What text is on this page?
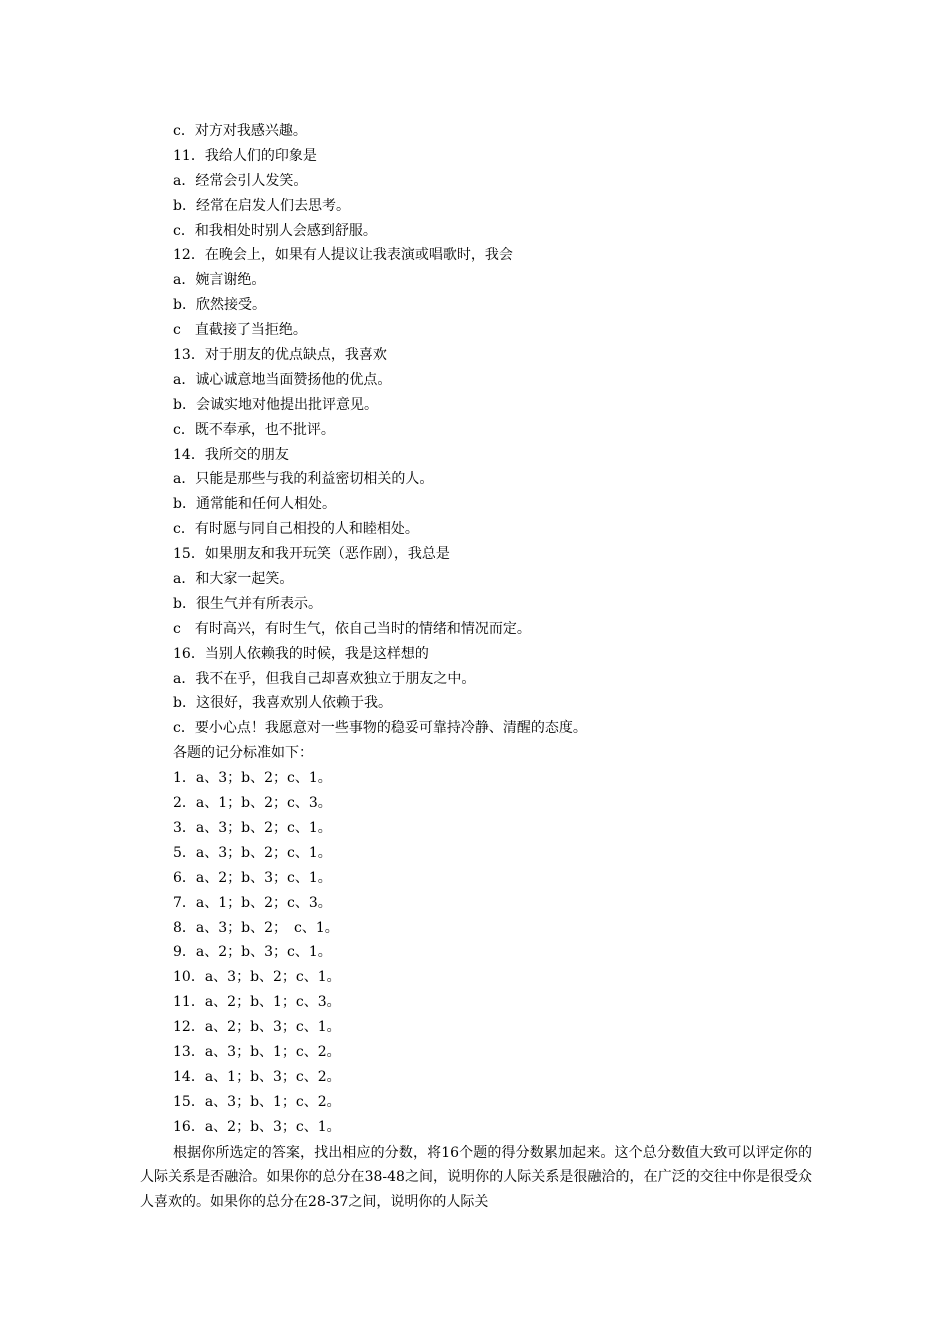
c．对方对我感兴趣。
11．我给人们的印象是
a．经常会引人发笑。
b．经常在启发人们去思考。
c．和我相处时别人会感到舒服。
12．在晚会上，如果有人提议让我表演或唱歌时，我会
a．婉言谢绝。
b．欣然接受。
c　直截接了当拒绝。
13．对于朋友的优点缺点，我喜欢
a．诚心诚意地当面赞扬他的优点。
b．会诚实地对他提出批评意见。
c．既不奉承，也不批评。
14．我所交的朋友
a．只能是那些与我的利益密切相关的人。
b．通常能和任何人相处。
c．有时愿与同自己相投的人和睦相处。
15．如果朋友和我开玩笑（恶作剧），我总是
a．和大家一起笑。
b．很生气并有所表示。
c　有时高兴，有时生气，依自己当时的情绪和情况而定。
16．当别人依赖我的时候，我是这样想的
a．我不在乎，但我自己却喜欢独立于朋友之中。
b．这很好，我喜欢别人依赖于我。
c．要小心点！我愿意对一些事物的稳妥可靠持冷静、清醒的态度。
各题的记分标准如下：
1．a、3；b、2；c、1。
2．a、1；b、2；c、3。
3．a、3；b、2；c、1。
5．a、3；b、2；c、1。
6．a、2；b、3；c、1。
7．a、1；b、2；c、3。
8．a、3；b、2；　c、1。
9．a、2；b、3；c、1。
10．a、3；b、2；c、1。
11．a、2；b、1；c、3。
12．a、2；b、3；c、1。
13．a、3；b、1；c、2。
14．a、1；b、3；c、2。
15．a、3；b、1；c、2。
16．a、2；b、3；c、1。

根据你所选定的答案，找出相应的分数，将16个题的得分数累加起来。这个总分数值大致可以评定你的人际关系是否融洽。如果你的总分在38-48之间，说明你的人际关系是很融洽的，在广泛的交往中你是很受众人喜欢的。如果你的总分在28-37之间，说明你的人际关
